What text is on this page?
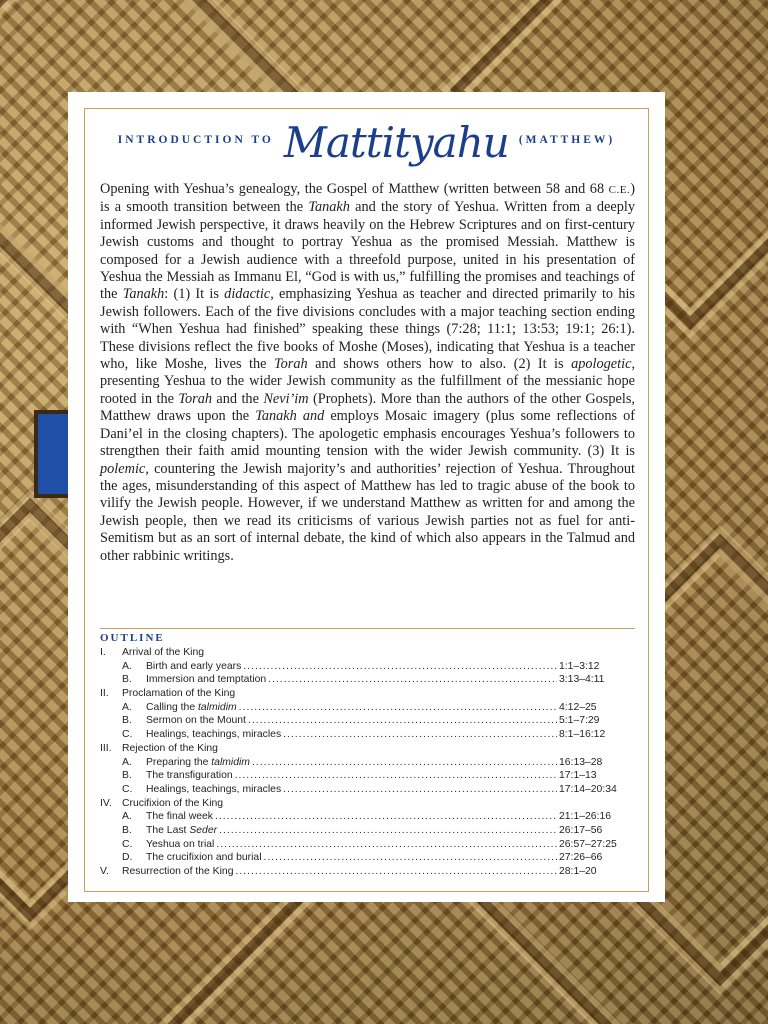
INTRODUCTION TO Mattityahu (MATTHEW)
Opening with Yeshua’s genealogy, the Gospel of Matthew (written between 58 and 68 C.E.) is a smooth transition between the Tanakh and the story of Yeshua. Written from a deeply informed Jewish perspective, it draws heavily on the Hebrew Scriptures and on first-century Jewish customs and thought to portray Yeshua as the promised Messiah. Matthew is composed for a Jewish audience with a threefold purpose, united in his presentation of Yeshua the Messiah as Immanu El, “God is with us,” fulfilling the promises and teachings of the Tanakh: (1) It is didactic, emphasizing Yeshua as teacher and directed primarily to his Jewish followers. Each of the five divisions concludes with a major teaching section ending with “When Yeshua had finished” speaking these things (7:28; 11:1; 13:53; 19:1; 26:1). These divisions reflect the five books of Moshe (Moses), indicating that Yeshua is a teacher who, like Moshe, lives the Torah and shows others how to also. (2) It is apologetic, presenting Yeshua to the wider Jewish community as the fulfillment of the messianic hope rooted in the Torah and the Nevi’im (Prophets). More than the authors of the other Gospels, Matthew draws upon the Tanakh and employs Mosaic imagery (plus some reflections of Dani’el in the closing chapters). The apologetic emphasis encourages Yeshua’s followers to strengthen their faith amid mounting tension with the wider Jewish community. (3) It is polemic, countering the Jewish majority’s and authorities’ rejection of Yeshua. Throughout the ages, misunderstanding of this aspect of Matthew has led to tragic abuse of the book to vilify the Jewish people. However, if we understand Matthew as written for and among the Jewish people, then we read its criticisms of various Jewish parties not as fuel for anti-Semitism but as an sort of internal debate, the kind of which also appears in the Talmud and other rabbinic writings.
OUTLINE
I.	Arrival of the King
A.	Birth and early years .....	1:1–3:12
B.	Immersion and temptation .....	3:13–4:11
II.	Proclamation of the King
A.	Calling the talmidim .....	4:12–25
B.	Sermon on the Mount .....	5:1–7:29
C.	Healings, teachings, miracles .....	8:1–16:12
III.	Rejection of the King
A.	Preparing the talmidim .....	16:13–28
B.	The transfiguration .....	17:1–13
C.	Healings, teachings, miracles .....	17:14–20:34
IV. Crucifixion of the King
A.	The final week .....	21:1–26:16
B.	The Last Seder .....	26:17–56
C.	Yeshua on trial .....	26:57–27:25
D.	The crucifixion and burial .....	27:26–66
V.	Resurrection of the King .....	28:1–20
